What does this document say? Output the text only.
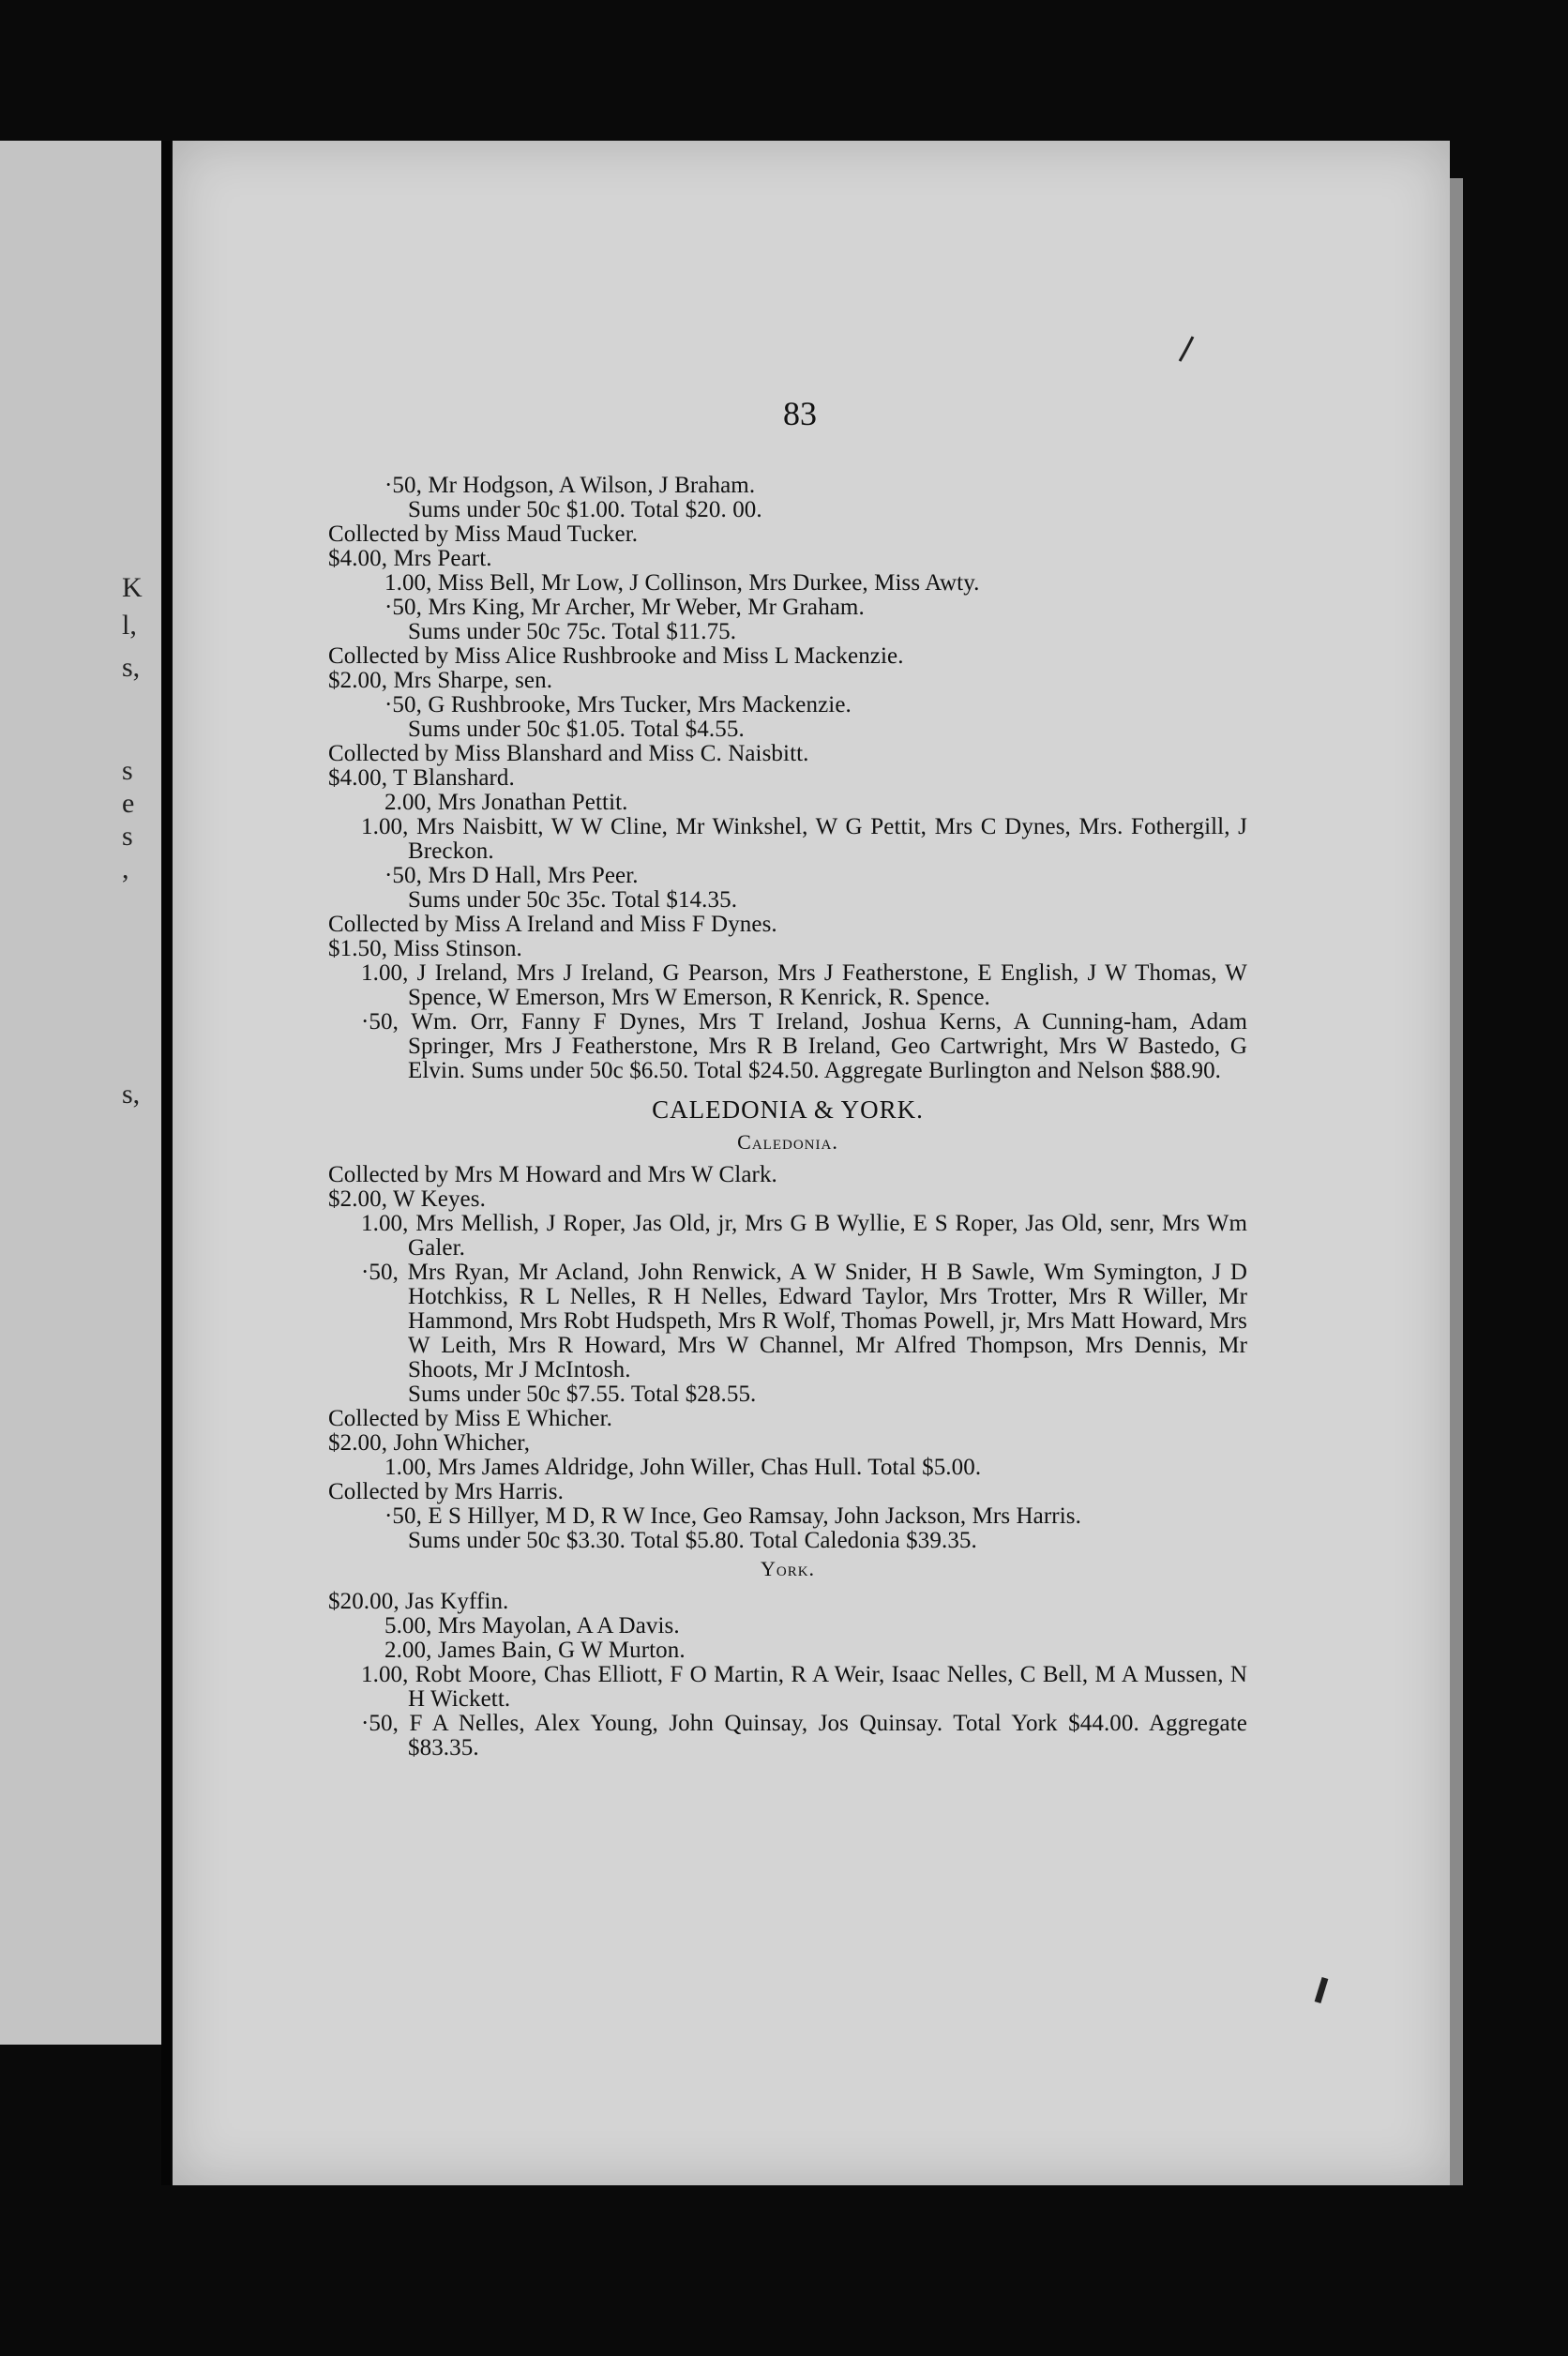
K
l,
s,
s
e
s
,
s,
83

·50, Mr Hodgson, A Wilson, J Braham.

Sums under 50c $1.00. Total $20. 00.

Collected by Miss Maud Tucker.

$4.00, Mrs Peart.

1.00, Miss Bell, Mr Low, J Collinson, Mrs Durkee, Miss Awty.

·50, Mrs King, Mr Archer, Mr Weber, Mr Graham.

Sums under 50c 75c. Total $11.75.

Collected by Miss Alice Rushbrooke and Miss L Mackenzie.

$2.00, Mrs Sharpe, sen.

·50, G Rushbrooke, Mrs Tucker, Mrs Mackenzie.

Sums under 50c $1.05. Total $4.55.

Collected by Miss Blanshard and Miss C. Naisbitt.

$4.00, T Blanshard.

2.00, Mrs Jonathan Pettit.

1.00, Mrs Naisbitt, W W Cline, Mr Winkshel, W G Pettit, Mrs C Dynes, Mrs. Fothergill, J Breckon.

·50, Mrs D Hall, Mrs Peer.

Sums under 50c 35c. Total $14.35.

Collected by Miss A Ireland and Miss F Dynes.

$1.50, Miss Stinson.

1.00, J Ireland, Mrs J Ireland, G Pearson, Mrs J Featherstone, E English, J W Thomas, W Spence, W Emerson, Mrs W Emerson, R Kenrick, R. Spence.

·50, Wm. Orr, Fanny F Dynes, Mrs T Ireland, Joshua Kerns, A Cunning-ham, Adam Springer, Mrs J Featherstone, Mrs R B Ireland, Geo Cartwright, Mrs W Bastedo, G Elvin. Sums under 50c $6.50. Total $24.50. Aggregate Burlington and Nelson $88.90.

CALEDONIA & YORK.

Caledonia.

Collected by Mrs M Howard and Mrs W Clark.

$2.00, W Keyes.

1.00, Mrs Mellish, J Roper, Jas Old, jr, Mrs G B Wyllie, E S Roper, Jas Old, senr, Mrs Wm Galer.

·50, Mrs Ryan, Mr Acland, John Renwick, A W Snider, H B Sawle, Wm Symington, J D Hotchkiss, R L Nelles, R H Nelles, Edward Taylor, Mrs Trotter, Mrs R Willer, Mr Hammond, Mrs Robt Hudspeth, Mrs R Wolf, Thomas Powell, jr, Mrs Matt Howard, Mrs W Leith, Mrs R Howard, Mrs W Channel, Mr Alfred Thompson, Mrs Dennis, Mr Shoots, Mr J McIntosh.

Sums under 50c $7.55. Total $28.55.

Collected by Miss E Whicher.

$2.00, John Whicher,

1.00, Mrs James Aldridge, John Willer, Chas Hull. Total $5.00.

Collected by Mrs Harris.

·50, E S Hillyer, M D, R W Ince, Geo Ramsay, John Jackson, Mrs Harris.

Sums under 50c $3.30. Total $5.80. Total Caledonia $39.35.

York.

$20.00, Jas Kyffin.

5.00, Mrs Mayolan, A A Davis.

2.00, James Bain, G W Murton.

1.00, Robt Moore, Chas Elliott, F O Martin, R A Weir, Isaac Nelles, C Bell, M A Mussen, N H Wickett.

·50, F A Nelles, Alex Young, John Quinsay, Jos Quinsay. Total York $44.00. Aggregate $83.35.
